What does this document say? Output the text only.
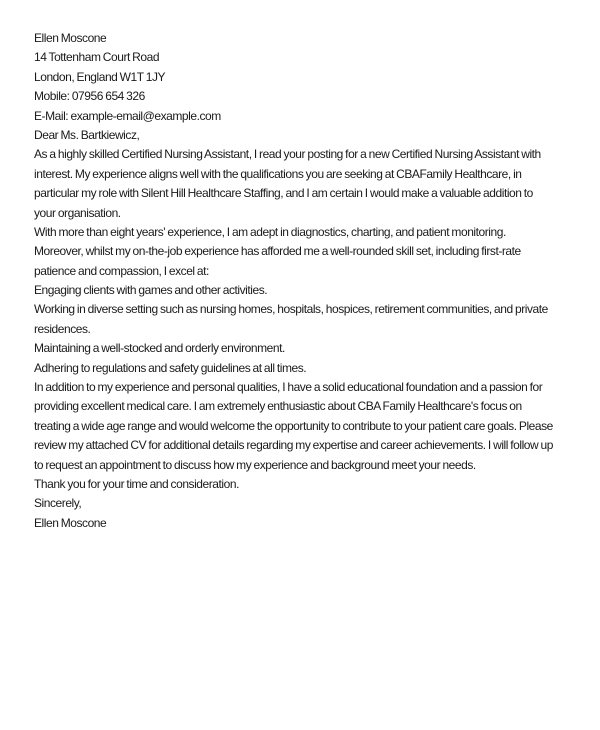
Ellen Moscone
14 Tottenham Court Road
London, England W1T 1JY
Mobile: 07956 654 326
E-Mail: example-email@example.com
Dear Ms. Bartkiewicz,
As a highly skilled Certified Nursing Assistant, I read your posting for a new Certified Nursing Assistant with
interest. My experience aligns well with the qualifications you are seeking at CBAFamily Healthcare, in
particular my role with Silent Hill Healthcare Staffing, and I am certain I would make a valuable addition to
your organisation.
With more than eight years' experience, I am adept in diagnostics, charting, and patient monitoring.
Moreover, whilst my on-the-job experience has afforded me a well-rounded skill set, including first-rate
patience and compassion, I excel at:
Engaging clients with games and other activities.
Working in diverse setting such as nursing homes, hospitals, hospices, retirement communities, and private
residences.
Maintaining a well-stocked and orderly environment.
Adhering to regulations and safety guidelines at all times.
In addition to my experience and personal qualities, I have a solid educational foundation and a passion for
providing excellent medical care. I am extremely enthusiastic about CBA Family Healthcare's focus on
treating a wide age range and would welcome the opportunity to contribute to your patient care goals. Please
review my attached CV for additional details regarding my expertise and career achievements. I will follow up
to request an appointment to discuss how my experience and background meet your needs.
Thank you for your time and consideration.
Sincerely,
Ellen Moscone
